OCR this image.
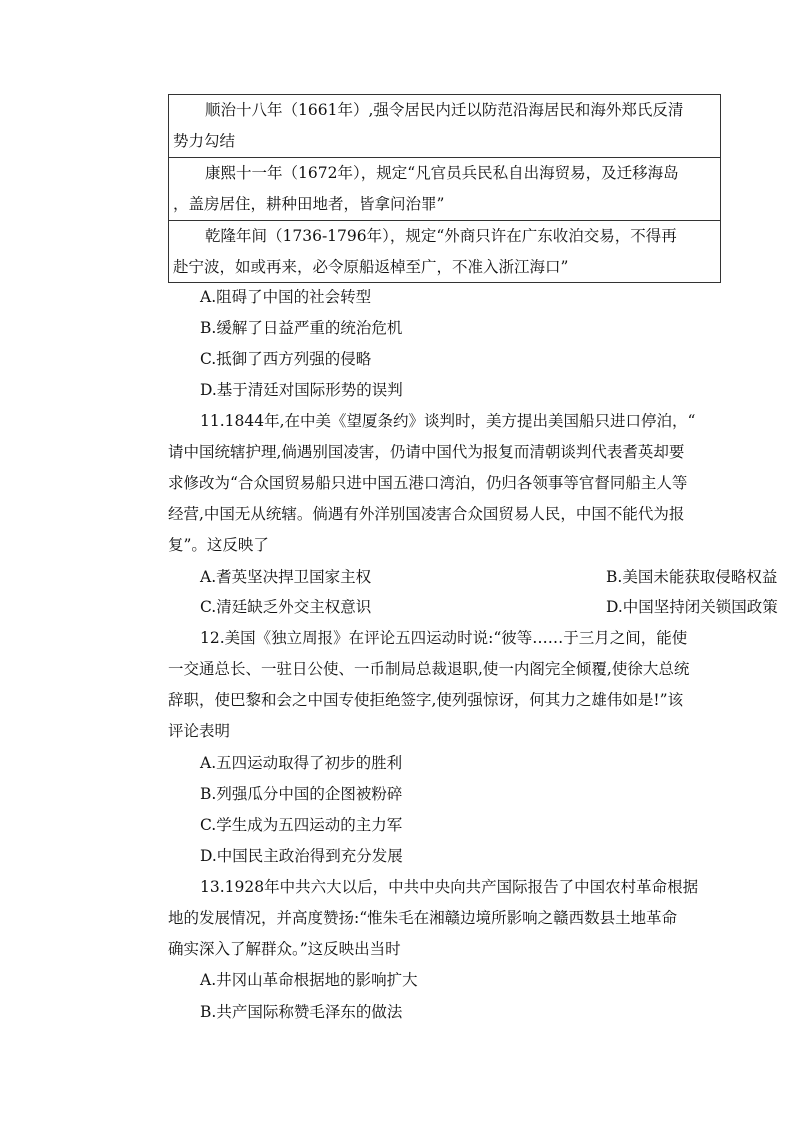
顺治十八年（1661年）,强令居民内迁以防范沿海居民和海外郑氏反清
势力勾结
康熙十一年（1672年），规定“凡官员兵民私自出海贸易，及迁移海岛
，盖房居住，耕种田地者，皆拿问治罪”
乾隆年间（1736-1796年），规定“外商只许在广东收泊交易，不得再
赴宁波，如或再来，必令原船返棹至广，不准入浙江海口”
A.阻碍了中国的社会转型
B.缓解了日益严重的统治危机
C.抵御了西方列强的侵略
D.基于清廷对国际形势的误判
11.1844年,在中美《望厦条约》谈判时，美方提出美国船只进口停泊，“
请中国统辖护理,倘遇别国凌害，仍请中国代为报复而清朝谈判代表耆英却要
求修改为“合众国贸易船只进中国五港口湾泊，仍归各领事等官督同船主人等
经营,中国无从统辖。倘遇有外洋别国凌害合众国贸易人民，中国不能代为报
复”。这反映了
A.耆英坚决捍卫国家主权	B.美国未能获取侵略权益
C.清廷缺乏外交主权意识	D.中国坚持闭关锁国政策
12.美国《独立周报》在评论五四运动时说:“彼等……于三月之间，能使
一交通总长、一驻日公使、一币制局总裁退职,使一内阁完全倾覆,使徐大总统
辞职，使巴黎和会之中国专使拒绝签字,使列强惊讶，何其力之雄伟如是!”该
评论表明
A.五四运动取得了初步的胜利
B.列强瓜分中国的企图被粉碎
C.学生成为五四运动的主力军
D.中国民主政治得到充分发展
13.1928年中共六大以后，中共中央向共产国际报告了中国农村革命根据
地的发展情况，并高度赞扬:“惟朱毛在湘赣边境所影响之赣西数县土地革命
确实深入了解群众。”这反映出当时
A.井冈山革命根据地的影响扩大
B.共产国际称赞毛泽东的做法
